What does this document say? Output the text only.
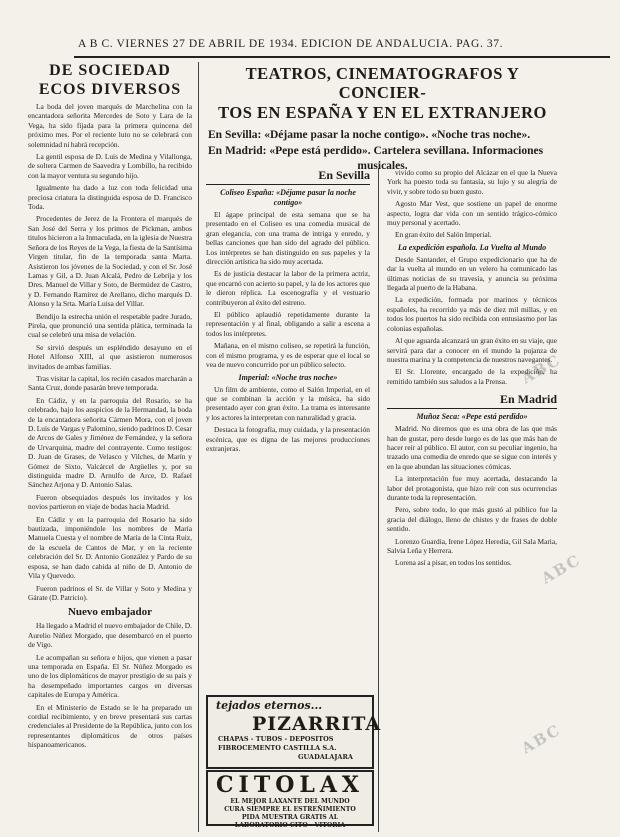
A B C. VIERNES 27 DE ABRIL DE 1934. EDICION DE ANDALUCIA. PAG. 37.
DE SOCIEDAD
ECOS DIVERSOS
La boda del joven marqués de Marchelina con la encantadora señorita Mercedes de Soto y Lara de la Vega, ha sido fijada para la primera quincena del próximo mes. Por el reciente luto no se celebrará con solemnidad ni habrá recepción.
La gentil esposa de D. Luis de Medina y Vilallonga, de soltera Carmen de Saavedra y Lombillo, ha recibido con la mayor ventura su segundo hijo.
Igualmente ha dado a luz con toda felicidad una preciosa criatura la distinguida esposa de D. Francisco Toda.
Procedentes de Jerez de la Frontera el marqués de San José del Serra y los primos de Pickman, ambos titulos hicieron a la Inmaculada, en la iglesia de Nuestra Señora de los Reyes de la Vega, la fiesta de la Santísima Virgen titular, fin de la temporada santa Marta. Asistieron los jóvenes de la Sociedad, y con el Sr. José Lamas y Gil, a D. Juan Alcalá, Pedro de Lebrija y los Dres. Manuel de Villar y Soto, de Bermúdez de Castro, y D. Fernando Ramírez de Arellano, dicho marqués D. Alonso y la Srta. María Luisa del Villar.
Bendijo la estrecha unión el respetable padre Jurado, Pirela, que pronunció una sentida plática, terminada la cual se celebró una misa de velación.
Se sirvió después un espléndido desayuno en el Hotel Alfonso XIII, al que asistieron numerosos invitados de ambas familias.
Tras visitar la capital, los recién casados marcharán a Santa Cruz, donde pasarán breve temporada.
En Cádiz, y en la parroquia del Rosario, se ha celebrado, bajo los auspicios de la Hermandad, la boda de la encantadora señorita Cármen Mora, con el joven D. Luis de Vargas y Palomino, siendo padrinos D. Cesar de Arcos de Gales y Jiménez de Fernández, y la señora de Urvarquina, madre del contrayente. Como testigos: D. Juan de Grases, de Velasco y Vilches, de Marín y Gómez de Sixto, Valcárcel de Argüelles y, por su distinguida madre D. Arnulfo de Arce, D. Rafael Sánchez Arjona y D. Antonio Salas.
Fueron obsequiados después los invitados y los novios partieron en viaje de bodas hacia Madrid.
En Cádiz y en la parroquia del Rosario ha sido bautizada, imponiéndole los nombres de María Manuela Cuesta y el nombre de María de la Cinta Ruiz, de la escuela de Cantos de Mar, y en la reciente celebración del Sr. D. Antonio González y Pardo de su esposa, se han dado cabida al niño de D. Antonio de Vila y Quevedo.
Fueron padrinos el Sr. de Villar y Soto y Medina y Gárate (D. Patricio).
Nuevo embajador
Ha llegado a Madrid el nuevo embajador de Chile, D. Aurelio Núñez Morgado, que desembarcó en el puerto de Vigo.
Le acompañan su señora e hijos, que vienen a pasar una temporada en España. El Sr. Núñez Morgado es uno de los diplomáticos de mayor prestigio de su país y ha desempeñado importantes cargos en diversas capitales de Europa y América.
En el Ministerio de Estado se le ha preparado un cordial recibimiento, y en breve presentará sus cartas credenciales al Presidente de la República, junto con los representantes diplomáticos de otros países hispanoamericanos.
TEATROS, CINEMATOGRAFOS Y CONCIER-
TOS EN ESPAÑA Y EN EL EXTRANJERO
En Sevilla: «Déjame pasar la noche contigo». «Noche tras noche».
En Madrid: «Pepe está perdido». Cartelera sevillana. Informaciones
musicales.
En Sevilla
Coliseo España: «Déjame pasar la noche contigo»
El ágape principal de esta semana que se ha presentado en el Coliseo es una comedia musical de gran elegancia, con una trama de intriga y enredo, y bellas canciones que han sido del agrado del público. Los intérpretes se han distinguido en sus papeles y la dirección artística ha sido muy acertada.
Es de justicia destacar la labor de la primera actriz, que encarnó con acierto su papel, y la de los actores que le dieron réplica. La escenografía y el vestuario contribuyeron al éxito del estreno.
El público aplaudió repetidamente durante la representación y al final, obligando a salir a escena a todos los intérpretes.
Mañana, en el mismo coliseo, se repetirá la función, con el mismo programa, y es de esperar que el local se vea de nuevo concurrido por un público selecto.
Imperial: «Noche tras noche»
Un film de ambiente, como el Salón Imperial, en el que se combinan la acción y la música, ha sido presentado ayer con gran éxito. La trama es interesante y los actores la interpretan con naturalidad y gracia.
Destaca la fotografía, muy cuidada, y la presentación escénica, que es digna de las mejores producciones extranjeras.
vivido como su propio del Alcázar en el que la Nueva York ha puesto toda su fantasía, su lujo y su alegría de vivir, y sobre todo su buen gusto.
Agosto Mar Vest, que sostiene un papel de enorme aspecto, logra dar vida con un sentido trágico-cómico muy personal y acertado.
En gran éxito del Salón Imperial.
La expedición española. La Vuelta al Mundo
Desde Santander, el Grupo expedicionario que ha de dar la vuelta al mundo en un velero ha comunicado las últimas noticias de su travesía, y anuncia su próxima llegada al puerto de la Habana.
La expedición, formada por marinos y técnicos españoles, ha recorrido ya más de diez mil millas, y en todos los puertos ha sido recibida con entusiasmo por las colonias españolas.
Al que aguarda alcanzará un gran éxito en su viaje, que servirá para dar a conocer en el mundo la pujanza de nuestra marina y la competencia de nuestros navegantes.
El Sr. Llorente, encargado de la expedición, ha remitido también sus saludos a la Prensa.
En Madrid
Muñoz Seca: «Pepe está perdido»
Madrid. No diremos que es una obra de las que más han de gustar, pero desde luego es de las que más han de hacer reír al público. El autor, con su peculiar ingenio, ha trazado una comedia de enredo que se sigue con interés y en la que abundan las situaciones cómicas.
La interpretación fue muy acertada, destacando la labor del protagonista, que hizo reír con sus ocurrencias durante toda la representación.
Pero, sobre todo, lo que más gustó al público fue la gracia del diálogo, lleno de chistes y de frases de doble sentido.
Lorenzo Guardia, Irene López Heredia, Gil Sala Maria, Salvia Leña y Herrera.
Lorena así a pisar, en todos los sentidos.
tejados eternos...
PIZARRITA
CHAPAS - TUBOS - DEPOSITOS
FIBROCEMENTO CASTILLA S.A.
GUADALAJARA
CITOLAX
EL MEJOR LAXANTE DEL MUNDO
CURA SIEMPRE EL ESTREÑIMIENTO
PIDA MUESTRA GRATIS AL
LABORATORIO CITO - VITORIA
ABC
ABC
ABC
